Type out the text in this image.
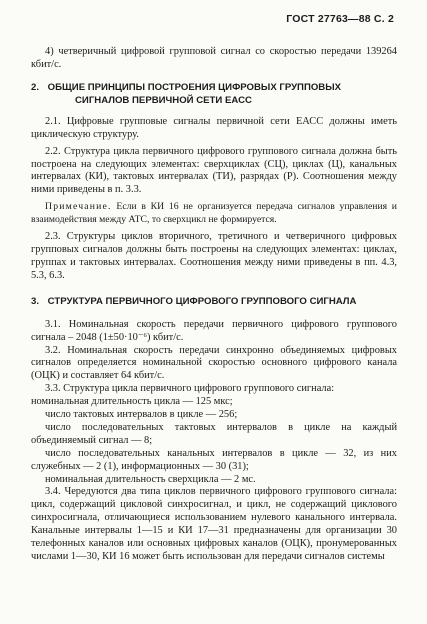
ГОСТ 27763—88 С. 2

4) четверичный цифровой групповой сигнал со скоростью передачи 139264 кбит/с.

2. ОБЩИЕ ПРИНЦИПЫ ПОСТРОЕНИЯ ЦИФРОВЫХ ГРУППОВЫХ
СИГНАЛОВ ПЕРВИЧНОЙ СЕТИ ЕАСС

2.1. Цифровые групповые сигналы первичной сети ЕАСС должны иметь циклическую структуру.

2.2. Структура цикла первичного цифрового группового сигнала должна быть построена на следующих элементах: сверхциклах (СЦ), циклах (Ц), канальных интервалах (КИ), тактовых интервалах (ТИ), разрядах (Р). Соотношения между ними приведены в п. 3.3.

Примечание. Если в КИ 16 не организуется передача сигналов управления и взаимодействия между АТС, то сверхцикл не формируется.

2.3. Структуры циклов вторичного, третичного и четверичного цифровых групповых сигналов должны быть построены на следующих элементах: циклах, группах и тактовых интервалах. Соотношения между ними приведены в пп. 4.3, 5.3, 6.3.

3. СТРУКТУРА ПЕРВИЧНОГО ЦИФРОВОГО ГРУППОВОГО СИГНАЛА

3.1. Номинальная скорость передачи первичного цифрового группового сигнала – 2048 (1±50·10⁻⁶) кбит/с.

3.2. Номинальная скорость передачи синхронно объединяемых цифровых сигналов определяется номинальной скоростью основного цифрового канала (ОЦК) и составляет 64 кбит/с.

3.3. Структура цикла первичного цифрового группового сигнала:

номинальная длительность цикла — 125 мкс;

число тактовых интервалов в цикле — 256;

число последовательных тактовых интервалов в цикле на каждый объединяемый сигнал — 8;

число последовательных канальных интервалов в цикле — 32, из них служебных — 2 (1), информационных — 30 (31);

номинальная длительность сверхцикла — 2 мс.

3.4. Чередуются два типа циклов первичного цифрового группового сигнала: цикл, содержащий цикловой синхросигнал, и цикл, не содержащий циклового синхросигнала, отличающиеся использованием нулевого канального интервала. Канальные интервалы 1—15 и КИ 17—31 предназначены для организации 30 телефонных каналов или основных цифровых каналов (ОЦК), пронумерованных числами 1—30, КИ 16 может быть использован для передачи сигналов системы
